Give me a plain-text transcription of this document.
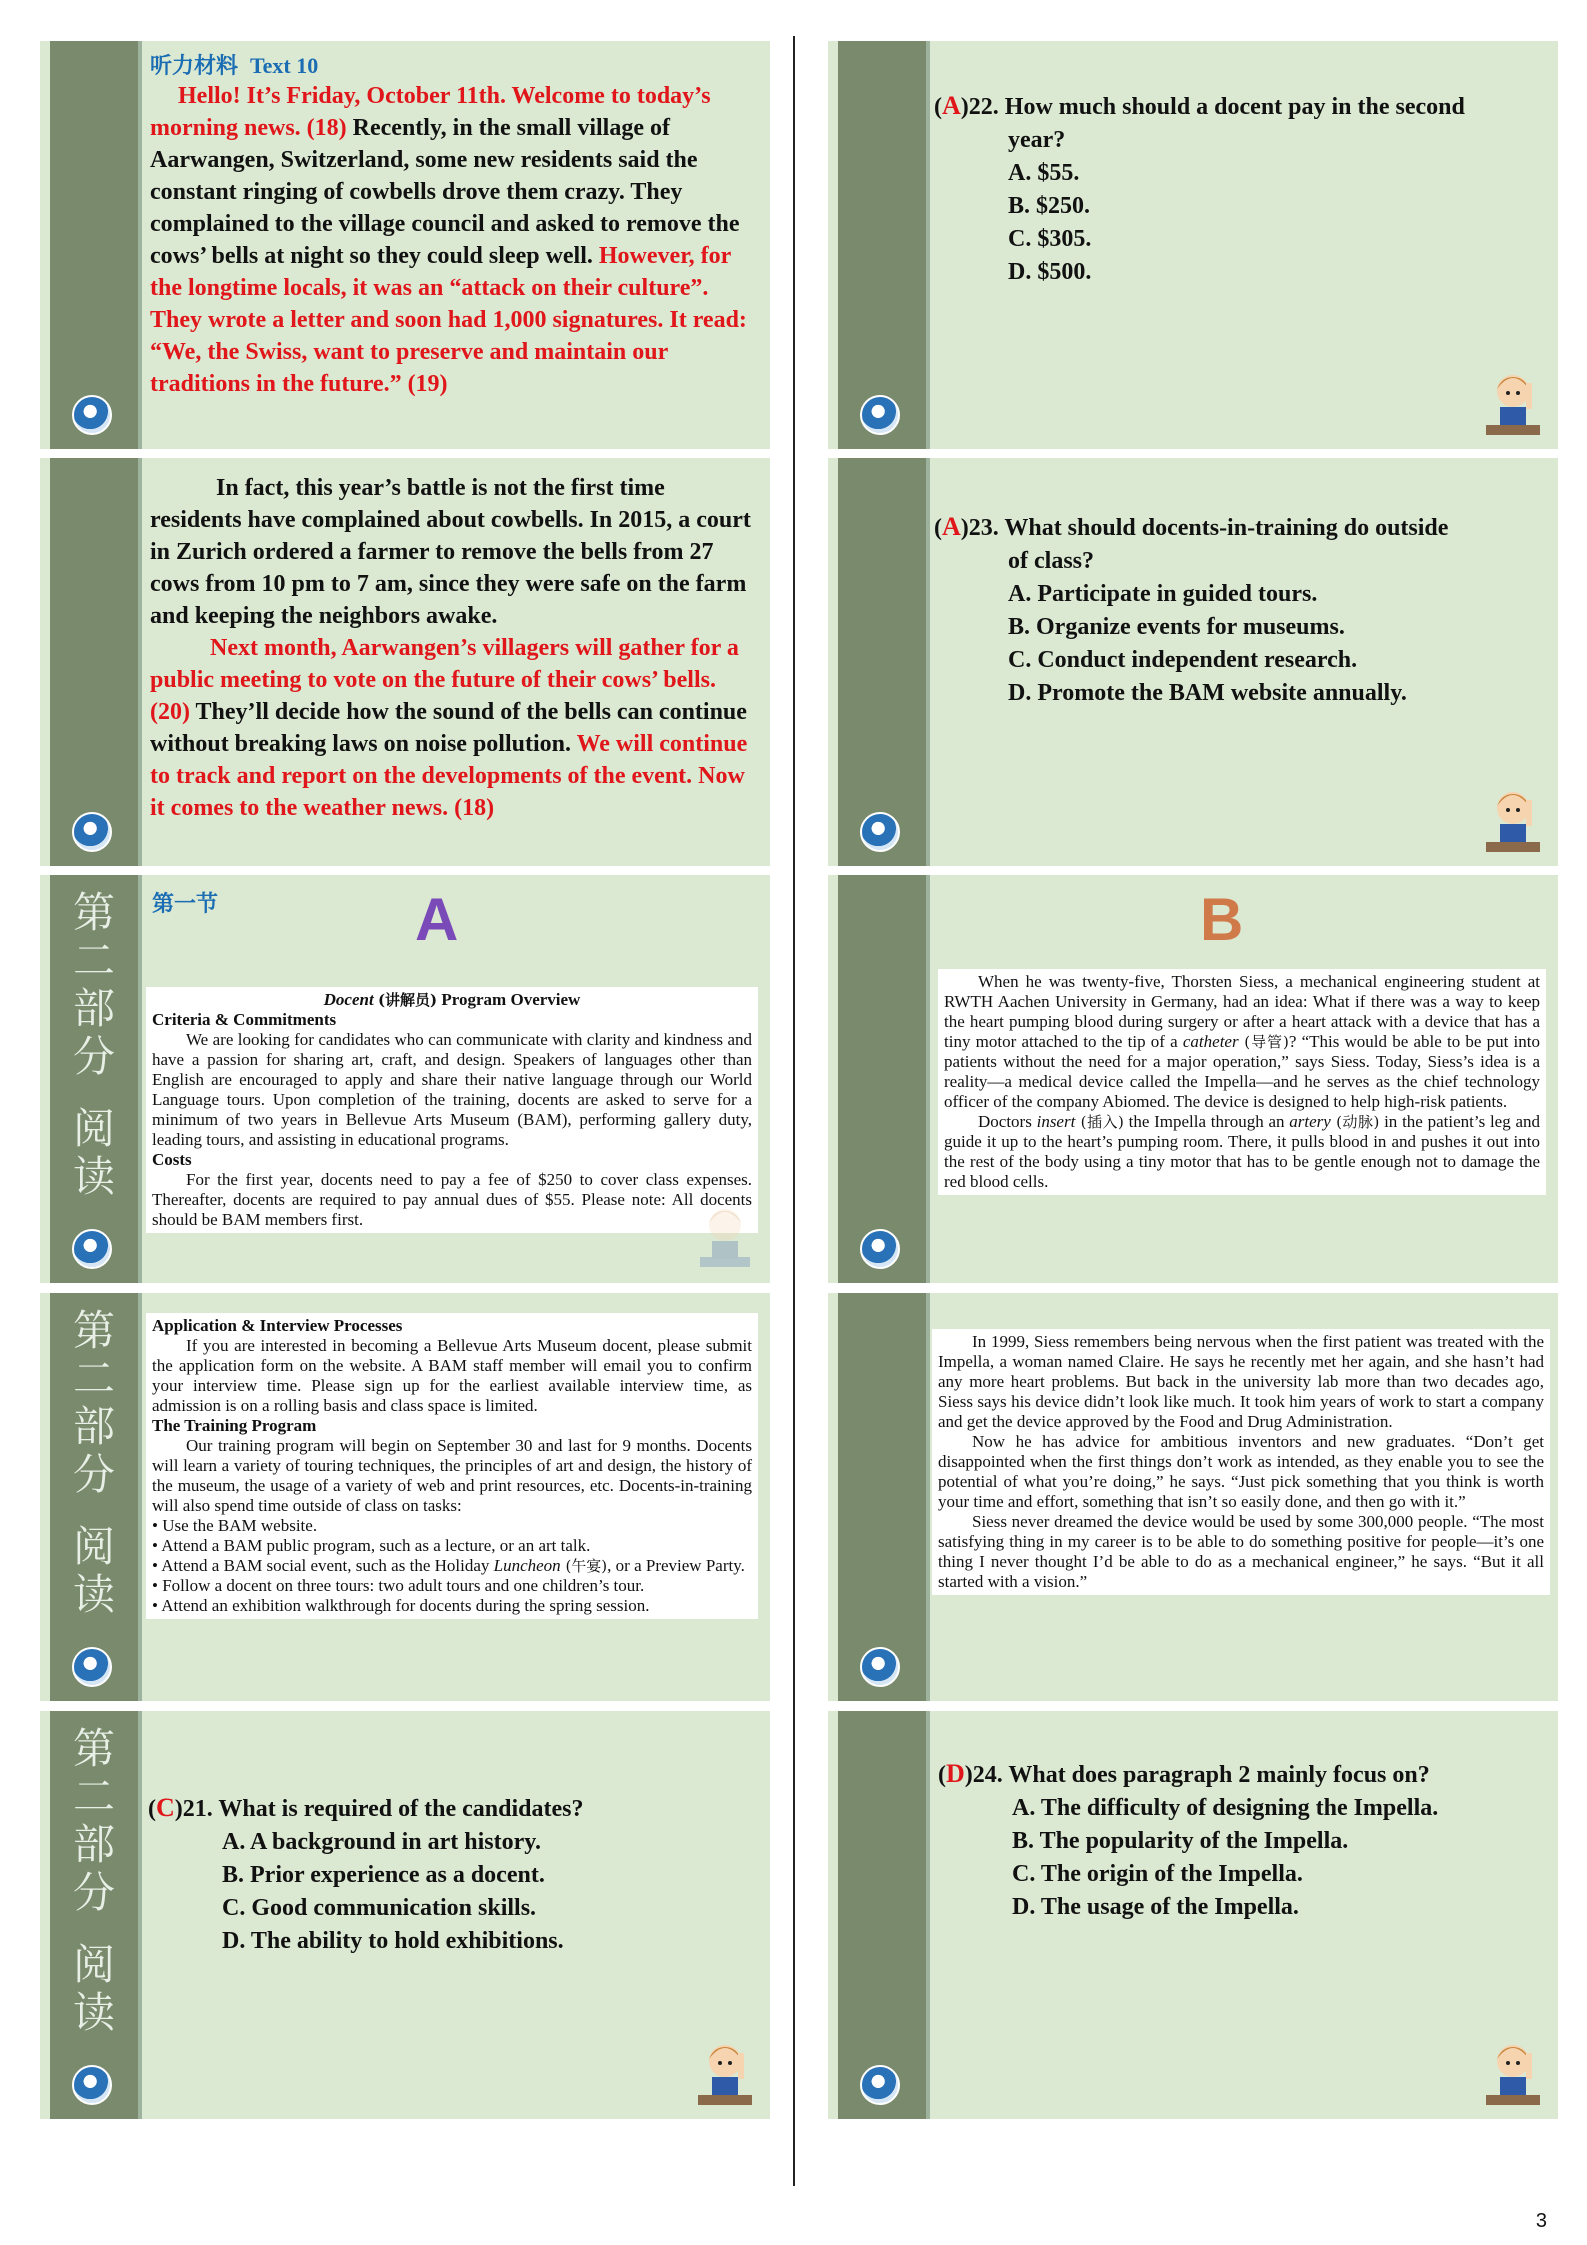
听力材料 Text 10
Hello! It’s Friday, October 11th. Welcome to today’s morning news. (18) Recently, in the small village of Aarwangen, Switzerland, some new residents said the constant ringing of cowbells drove them crazy. They complained to the village council and asked to remove the cows’ bells at night so they could sleep well. However, for the longtime locals, it was an “attack on their culture”. They wrote a letter and soon had 1,000 signatures. It read: “We, the Swiss, want to preserve and maintain our traditions in the future.” (19)
In fact, this year’s battle is not the first time residents have complained about cowbells. In 2015, a court in Zurich ordered a farmer to remove the bells from 27 cows from 10 pm to 7 am, since they were safe on the farm and keeping the neighbors awake.
Next month, Aarwangen’s villagers will gather for a public meeting to vote on the future of their cows’ bells. (20) They’ll decide how the sound of the bells can continue without breaking laws on noise pollution. We will continue to track and report on the developments of the event. Now it comes to the weather news. (18)
第
二
部
分
阅
读
第一节	A
Docent (讲解员) Program Overview
Criteria & Commitments
We are looking for candidates who can communicate with clarity and kindness and have a passion for sharing art, craft, and design. Speakers of languages other than English are encouraged to apply and share their native language through our World Language tours. Upon completion of the training, docents are asked to serve for a minimum of two years in Bellevue Arts Museum (BAM), performing gallery duty, leading tours, and assisting in educational programs.
Costs
For the first year, docents need to pay a fee of $250 to cover class expenses. Thereafter, docents are required to pay annual dues of $55. Please note: All docents should be BAM members first.
第
二
部
分
阅
读
Application & Interview Processes
If you are interested in becoming a Bellevue Arts Museum docent, please submit the application form on the website. A BAM staff member will email you to confirm your interview time. Please sign up for the earliest available interview time, as admission is on a rolling basis and class space is limited.
The Training Program
Our training program will begin on September 30 and last for 9 months. Docents will learn a variety of touring techniques, the principles of art and design, the history of the museum, the usage of a variety of web and print resources, etc. Docents-in-training will also spend time outside of class on tasks:
• Use the BAM website.
• Attend a BAM public program, such as a lecture, or an art talk.
• Attend a BAM social event, such as the Holiday Luncheon (午宴), or a Preview Party.
• Follow a docent on three tours: two adult tours and one children’s tour.
• Attend an exhibition walkthrough for docents during the spring session.
第
二
部
分
阅
读
(C)21. What is required of the candidates?
A. A background in art history.
B. Prior experience as a docent.
C. Good communication skills.
D. The ability to hold exhibitions.
(A)22. How much should a docent pay in the second
year?
A. $55.
B. $250.
C. $305.
D. $500.
(A)23. What should docents-in-training do outside
of class?
A. Participate in guided tours.
B. Organize events for museums.
C. Conduct independent research.
D. Promote the BAM website annually.
B
When he was twenty-five, Thorsten Siess, a mechanical engineering student at RWTH Aachen University in Germany, had an idea: What if there was a way to keep the heart pumping blood during surgery or after a heart attack with a device that has a tiny motor attached to the tip of a catheter (导管)? “This would be able to be put into patients without the need for a major operation,” says Siess. Today, Siess’s idea is a reality—a medical device called the Impella—and he serves as the chief technology officer of the company Abiomed. The device is designed to help high-risk patients.
Doctors insert (插入) the Impella through an artery (动脉) in the patient’s leg and guide it up to the heart’s pumping room. There, it pulls blood in and pushes it out into the rest of the body using a tiny motor that has to be gentle enough not to damage the red blood cells.
In 1999, Siess remembers being nervous when the first patient was treated with the Impella, a woman named Claire. He says he recently met her again, and she hasn’t had any more heart problems. But back in the university lab more than two decades ago, Siess says his device didn’t look like much. It took him years of work to start a company and get the device approved by the Food and Drug Administration.
Now he has advice for ambitious inventors and new graduates. “Don’t get disappointed when the first things don’t work as intended, as they enable you to see the potential of what you’re doing,” he says. “Just pick something that you think is worth your time and effort, something that isn’t so easily done, and then go with it.”
Siess never dreamed the device would be used by some 300,000 people. “The most satisfying thing in my career is to be able to do something positive for people—it’s one thing I never thought I’d be able to do as a mechanical engineer,” he says. “But it all started with a vision.”
(D)24. What does paragraph 2 mainly focus on?
A. The difficulty of designing the Impella.
B. The popularity of the Impella.
C. The origin of the Impella.
D. The usage of the Impella.
3
